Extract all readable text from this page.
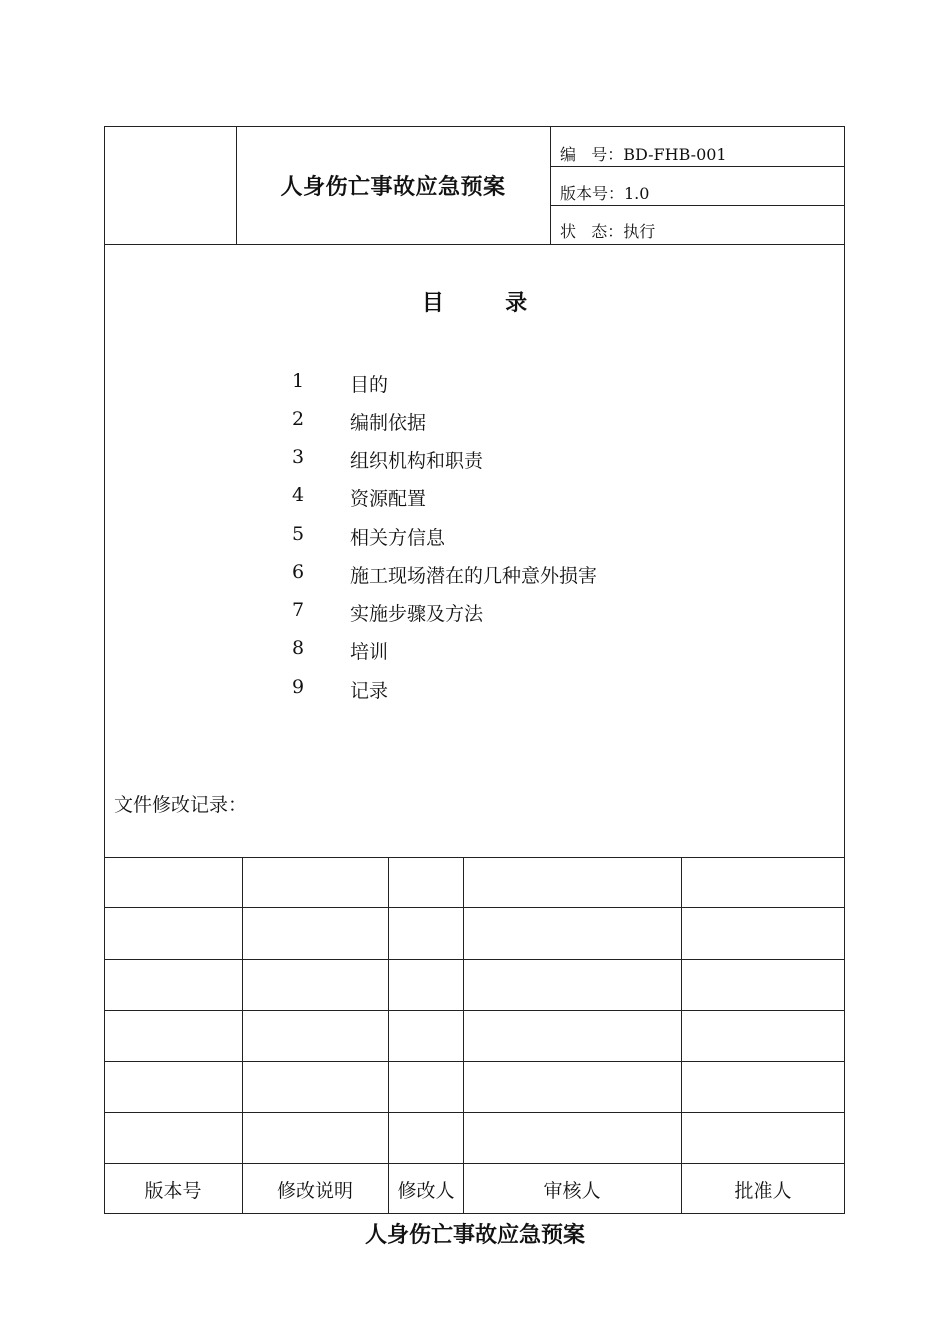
人身伤亡事故应急预案
编   号：BD-FHB-001
版本号：1.0
状   态：执行
目        录
1	目的
2	编制依据
3	组织机构和职责
4	资源配置
5	相关方信息
6	施工现场潜在的几种意外损害
7	实施步骤及方法
8	培训
9	记录
文件修改记录：
版本号	修改说明	修改人	审核人	批准人
人身伤亡事故应急预案
